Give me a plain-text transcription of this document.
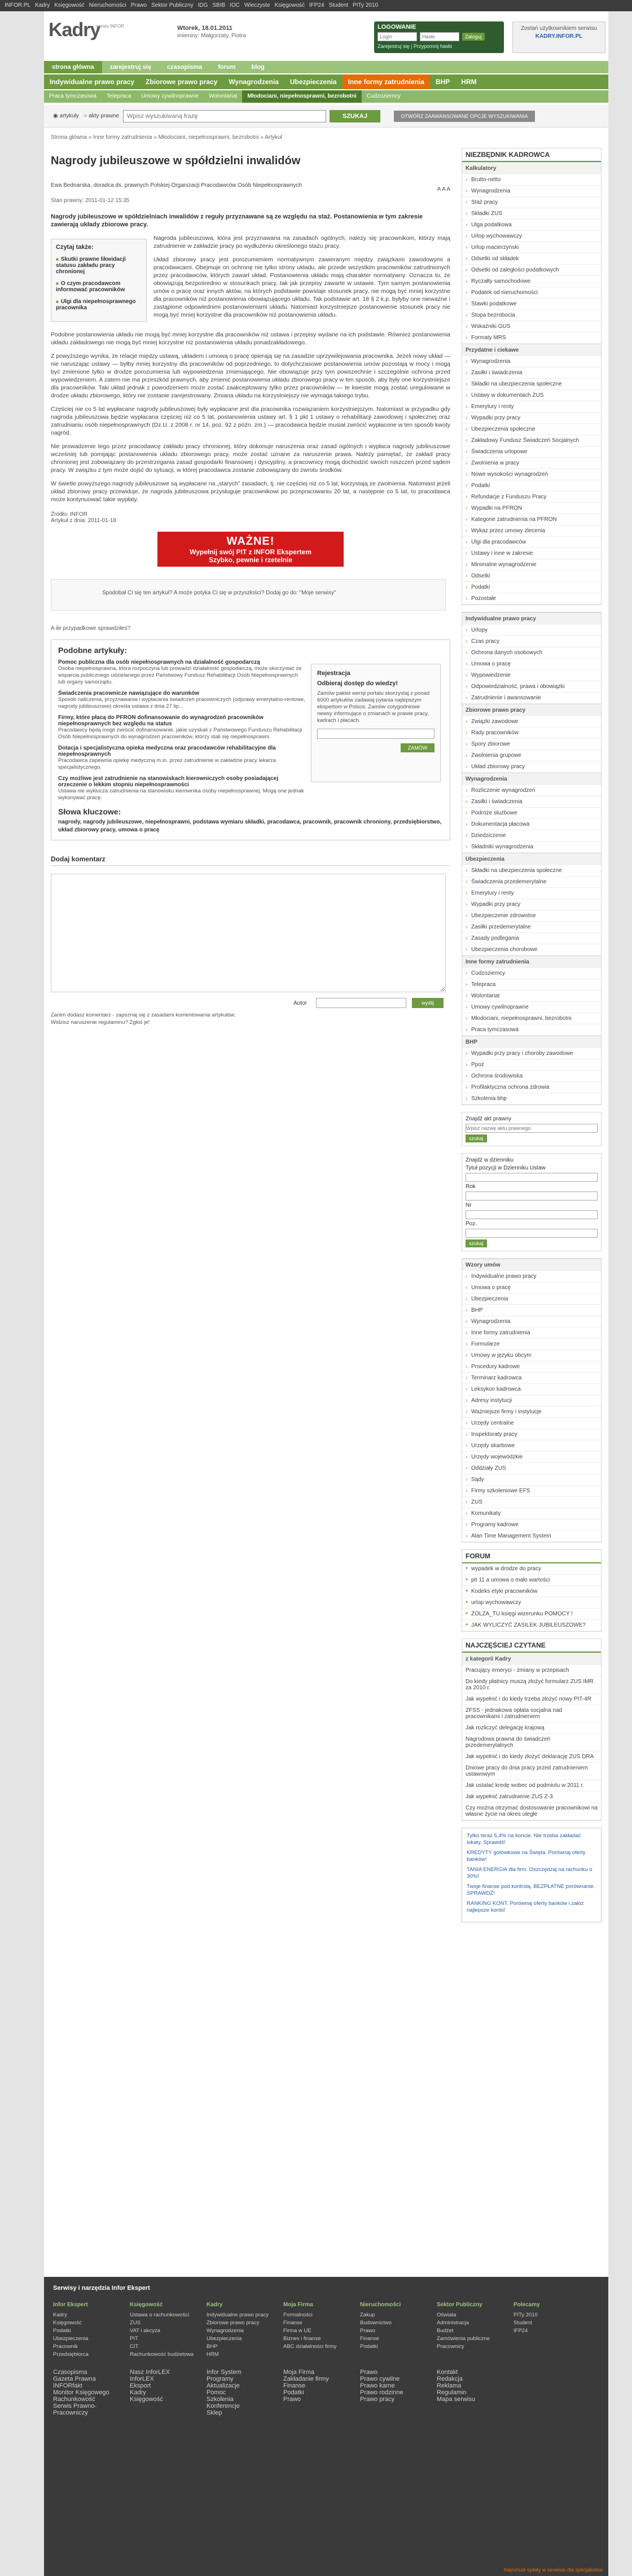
INFOR.PL Kadry Księgowość Nieruchomości Prawo Sektor Publiczny IDG SBIB IOC Wieczyste Księgowość IFP24 Student PITy 2010
Kadry
serwis INFOR	Wtorek, 18.01.2011
imieniny: Małgorzaty, Piotra
LOGOWANIE
Login Hasło Zaloguj
Zarejestruj się | Przypomnij hasło
Zostań użytkownikiem serwisu
KADRY.INFOR.PL
strona główna	zarejestruj się	czasopisma	forum	blog
Indywidualne prawo pracy Zbiorowe prawo pracy Wynagrodzenia Ubezpieczenia Inne formy zatrudnienia BHP HRM
Praca tymczasowa Telepraca Umowy cywilnoprawne Wolontariat Młodociani, niepełnosprawni, bezrobotni Cudzoziemcy
◉ artykuły ○ akty prawne
Wpisz wyszukiwaną frazę	SZUKAJ	OTWÓRZ ZAAWANSOWANE OPCJE WYSZUKIWANIA
Strona główna » Inne formy zatrudnienia » Młodociani, niepełnosprawni, bezrobotni » Artykuł
A A A
Nagrody jubileuszowe w spółdzielni inwalidów
Ewa Bednarska, doradca ds. prawnych Polskiej Organizacji Pracodawców Osób Niepełnosprawnych
Stan prawny: 2011-01-12 15:35
Nagrody jubileuszowe w spółdzielniach inwalidów z reguły przyznawane są ze względu na staż. Postanowienia w tym zakresie zawierają układy zbiorowe pracy.
Czytaj także:
■ Skutki prawne likwidacji statusu zakładu pracy chronionej
■ O czym pracodawcom informować pracowników
■ Ulgi dla niepełnosprawnego pracownika
Nagroda jubileuszowa, która jest przyznawana na zasadach ogólnych, należy się pracownikom, którzy mają zatrudnienie w zakładzie pracy po wydłużeniu określonego stażu pracy.
Układ zbiorowy pracy jest porozumieniem normatywnym zawieranym między związkami zawodowymi a pracodawcami. Obejmuje on ochronę nie tylko strony układu, ale przede wszystkim pracowników zatrudnionych przez pracodawców, których zawarł układ. Postanowienia układu mają charakter normatywny. Oznacza to, że obowiązują bezpośrednio w stosunkach pracy, tak jak przepisy zawarte w ustawie. Tym samym postanowienia umów o pracę oraz innych aktów, na których podstawie powstaje stosunek pracy, nie mogą być mniej korzystne dla pracowników niż postanowienia obowiązującego układu. Tak podstawie art. 18 § 2 k.p. byłyby one nieważne i zastąpione odpowiednimi postanowieniami układu. Natomiast korzystniejsze postanowienie stosunek pracy nie mogą być mniej korzystne dla pracowników niż postanowienia układu.
Podobne postanowienia układu nie mogą być mniej korzystne dla pracowników niż ustawa i przepisy wydane na ich podstawie. Również postanowienia układu zakładowego nie mogą być mniej korzystne niż postanowienia układu ponadzakładowego.
Z powyższego wynika, że relacje między ustawą, układem i umową o pracę opierają się na zasadzie uprzywilejowania pracownika. Jeżeli nowy układ — nie naruszając ustawy — byłby mniej korzystny dla pracowników od poprzedniego, to dotychczasowe postanowienia umów pozostają w mocy i mogą być zmienione tylko w drodze porozumienia lub wypowiedzenia zmieniającego. Nie obowiązuje przy tym powszechnie i szczególnie ochrona przed wypowiedzeniem. A zatem nie ma przeszkód prawnych, aby zmienić postanowienia układu zbiorowego pracy w ten sposób, aby były one korzystniejsze dla pracowników. Taki układ jednak z powodzeniem może zostać zaakceptowany tylko przez pracowników — te kwestie mogą zostać uregulowane w drodze układu zbiorowego, który nie zostanie zarejestrowany. Zmiana układu na korzystniejszy nie wymaga takiego trybu.
Częściej nie co 5 lat wypłacane nagrody jubileuszowej były wypłacane jest dla pracownika rozwiązaniem korzystniejszym. Natomiast w przypadku gdy nagroda jubileuszowa będzie wypłacana częściej niż co 5 lat, postanowienia ustawy art. § 1 pkt 1 ustawy o rehabilitacji zawodowej i społecznej oraz zatrudnianiu osób niepełnosprawnych (Dz.U. z 2008 r. nr 14, poz. 92 z późn. zm.) — pracodawca będzie musiał zwrócić wypłacone w ten sposób kwoty nagród.
Nie prowadzenie tego przez pracodawcę zakładu pracy chronionej, który dokonuje naruszenia oraz zasad ogólnych i wypłaca nagrody jubileuszowe wcześniej lub pomijając postanowienia układu zbiorowego pracy, może zostać uznane za naruszenie prawa. Należy pamiętać, że zakład pracy chronionej jest zobowiązany do przestrzegania zasad gospodarki finansowej i dyscypliny, a pracownicy mogą dochodzić swoich roszczeń przed sądem pracy. W związku z tym może dojść do sytuacji, w której pracodawca zostanie zobowiązany do zwrotu środków.
W świetle powyższego nagrody jubileuszowe są wypłacane na „starych” zasadach, tj. nie częściej niż co 5 lat, korzystają ze zwolnienia. Natomiast jeżeli układ zbiorowy pracy przewiduje, że nagroda jubileuszowa przysługuje pracownikowi po przepracowaniu 20 lat, a następnie co 5 lat, to pracodawca może kontynuować takie wypłaty.
Źródło: INFOR
Artykuł z dnia: 2011-01-18
WAŻNE!
Wypełnij swój PIT z INFOR Ekspertem
Szybko, pewnie i rzetelnie
Spodobał Ci się ten artykuł? A może potyka Ci się w przyszłości? Dodaj go do: "Moje serwisy"
A ile przypadkowe sprawdziłeś?
Podobne artykuły:
Pomoc publiczna dla osób niepełnosprawnych na działalność gospodarczą
Osoba niepełnosprawna, która rozpoczyna lub prowadzi działalność gospodarczą, może skorzystać ze wsparcia publicznego udzielanego przez Państwowy Fundusz Rehabilitacji Osób Niepełnosprawnych lub organy samorządu.
Świadczenia pracownicze nawiązujące do warunków
Sposób naliczenia, przyznawania i wypłacania świadczeń pracowniczych (odprawy emerytalno-rentowe, nagrody jubileuszowe) określa ustawa z dnia 27 lip...
Firmy, które płacą do PFRON dofinansowanie do wynagrodzeń pracowników niepełnosprawnych bez względu na status
Pracodawcy będą mogli zwrócić dofinansowanie, jakie uzyskali z Państwowego Funduszu Rehabilitacji Osób Niepełnosprawnych do wynagrodzeń pracowników, którzy stali się niepełnosprawni.
Dotacja i specjalistyczna opieka medyczna oraz pracodawców rehabilitacyjne dla niepełnosprawnych
Pracodawca zapewnia opiekę medyczną m.in. przez zatrudnienie w zakładzie pracy lekarza specjalistycznego.
Czy możliwe jest zatrudnienie na stanowiskach kierowniczych osoby posiadającej orzeczenie o lekkim stopniu niepełnosprawności
Ustawa nie wyklucza zatrudnienia na stanowisku kierownika osoby niepełnosprawnej. Mogą one jednak wykonywać pracę.
Rejestracja
Odbieraj dostęp do wiedzy!
Zamów pakiet wersji portalu skorzystaj z ponad 6000 artykułów zadawaj pytania najlepszym ekspertom w Polsce. Zamów cotygodniowe newsy informujące o zmianach w prawie pracy, kadrach i płacach.
ZAMÓW
Słowa kluczowe:
nagrody, nagrody jubileuszowe, niepełnosprawni, podstawa wymiaru składki, pracodawca, pracownik, pracownik chroniony, przedsiębiorstwo, układ zbiorowy pracy, umowa o pracę
Dodaj komentarz
Autor	wyślij
Zanim dodasz komentarz - zapoznaj się z zasadami komentowania artykułów.
Widzisz naruszenie regulaminu? Zgłoś je!
NIEZBĘDNIK KADROWCA
Kalkulatory
› Brutto-netto
› Wynagrodzenia
› Staż pracy
› Składki ZUS
› Ulga podatkowa
› Urlop wychowawczy
› Urlop macierzyński
› Odsetki od składek
› Odsetki od zaległości podatkowych
› Ryczałty samochodowe
› Podatek od nieruchomości
› Stawki podatkowe
› Stopa bezrobocia
› Wskaźniki GUS
› Formaty MRS
Przydatne i ciekawe
› Wynagrodzenia
› Zasiłki i świadczenia
› Składki na ubezpieczenia społeczne
› Ustawy w dokumentach ZUS
› Emerytury i renty
› Wypadki przy pracy
› Ubezpieczenia społeczne
› Zakładowy Fundusz Świadczeń Socjalnych
› Świadczenia urlopowe
› Zwolnienia w pracy
› Nowe wysokości wynagrodzeń
› Podatki
› Refundacje z Funduszu Pracy
› Wypadki na PFRON
› Kategorie zatrudnienia na PFRON
› Wykaz przez umowy zlecenia
› Ulgi dla pracodawców
› Ustawy i inne w zakresie
› Minimalne wynagrodzenie
› Odsetki
› Podatki
› Pozostałe
Indywidualne prawo pracy
› Urlopy
› Czas pracy
› Ochrona danych osobowych
› Umowa o pracę
› Wypowiedzenie
› Odpowiedzialność, prawa i obowiązki
› Zatrudnienie i awansowanie
Zbiorowe prawo pracy
› Związki zawodowe
› Rady pracowników
› Spory zbiorowe
› Zwolnienia grupowe
› Układ zbiorowy pracy
Wynagrodzenia
› Rozliczenie wynagrodzeń
› Zasiłki i świadczenia
› Podróże służbowe
› Dokumentacja płacowa
› Dziedziczenie
› Składniki wynagrodzenia
Ubezpieczenia
› Składki na ubezpieczenia społeczne
› Świadczenia przedemerytalne
› Emerytury i renty
› Wypadki przy pracy
› Ubezpieczenie zdrowotne
› Zasiłki przedemerytalne
› Zasady podlegania
› Ubezpieczenia chorobowe
Inne formy zatrudnienia
› Cudzoziemcy
› Telepraca
› Wolontariat
› Umowy cywilnoprawne
› Młodociani, niepełnosprawni, bezrobotni
› Praca tymczasowa
BHP
› Wypadki przy pracy i choroby zawodowe
› Ppoż
› Ochrona środowiska
› Profilaktyczna ochrona zdrowia
› Szkolenia bhp
Znajdź akt prawny
Wpisz nazwę aktu prawnegoszukaj
Znajdź w dzienniku
Tytuł pozycji w Dzienniku Ustaw
Rok
Nr
Poz.
szukaj
Wzory umów
› Indywidualne prawo pracy
› Umowa o pracę
› Ubezpieczenia
› BHP
› Wynagrodzenia
› Inne formy zatrudnienia
› Formularze
› Umowy w języku obcym
› Procedury kadrowe
› Terminarz kadrowca
› Leksykon kadrowca
› Adresy instytucji
› Ważniejsze firmy i instytucje
› Urzędy centralne
› Inspektoraty pracy
› Urzędy skarbowe
› Urzędy wojewódzkie
› Oddziały ZUS
› Sądy
› Firmy szkoleniowe EFS
› ZUS
› Komunikaty
› Programy kadrowe
› Alan Time Management System
FORUM
● wypadek w drodze do pracy
● pit 11 a umowa o mało wartości
● Kodeks etyki pracowników
● urlop wychowawczy
● ZOLZA_TU księgi wizerunku POMOCY !
● JAK WYLICZYĆ ZASILEK JUBILEUSZOWE?
NAJCZĘŚCIEJ CZYTANE
z kategorii Kadry
Pracujący emeryci - zmiany w przepisach
Do kiedy płatnicy muszą złożyć formularz ZUS IMR za 2010 r.
Jak wypełnić i do kiedy trzeba złożyć nowy PIT-4R
ZFSS - jednakowa opłata socjalna nad pracownikami i zatrudnieniem
Jak rozliczyć delegację krajową
Nagrodowa prawna do świadczeń przedemerytalnych
Jak wypełnić i do kiedy złożyć deklarację ZUS DRA
Dniowe pracy do dnia pracy przed zatrudnieniem ustawowym
Jak ustalać kredę wobec od podmiotu w 2011 r.
Jak wypełnić zatrudnienie ZUS Z-3
Czy można otrzymać dostosowanie pracownikowi na własne życie na okres uległe
Tylko teraz 5,4% na koncie. Nie trzeba zakładać lokaty. Sprawdź!
KREDYTY gotówkowe na Święta. Porównaj oferty banków!
TANIA ENERGIA dla firm. Oszczędzaj na rachunku o 30%!
Twoje finanse pod kontrolą. BEZPŁATNE porównanie. SPRAWDŹ!
RANKING KONT. Porównaj oferty banków i załóż najlepsze konto!
Serwisy i narzędzia Infor Ekspert
Infor Ekspert
Kadry
Księgowość
Podatki
Ubezpieczenia
Pracownik
Przedsiębiorca
Księgowość
Ustawa o rachunkowości
ZUS
VAT i akcyza
PIT
CIT
Rachunkowość budżetowa
Kadry
Indywidualne prawo pracy
Zbiorowe prawo pracy
Wynagrodzenia
Ubezpieczenia
BHP
HRM
Moja Firma
Formalności
Finanse
Firma w UE
Biznes i finanse
ABC działalności firmy
Nieruchomości
Zakup
Budownictwo
Prawo
Finanse
Podatki
Sektor Publiczny
Oświata
Administracja
Budżet
Zamówienia publiczne
Pracownicy
Polecamy
PITy 2010
Student
IFP24
Czasopisma
Gazeta Prawna
INFORfakt
Monitor Księgowego
Rachunkowość
Serwis Prawno-Pracowniczy
Nasz InforLEX
InforLEX
Eksport
Kadry
Księgowość
Infor System
Programy
Aktualizacje
Pomoc
Szkolenia
Konferencje
Sklep
Moja Firma
Zakładanie firmy
Finanse
Podatki
Prawo
Prawo
Prawo cywilne
Prawo karne
Prawo rodzinne
Prawo pracy
Kontakt
Redakcja
Reklama
Regulamin
Mapa serwisu
Najniższe opłaty w serwisie dla specjalistów
